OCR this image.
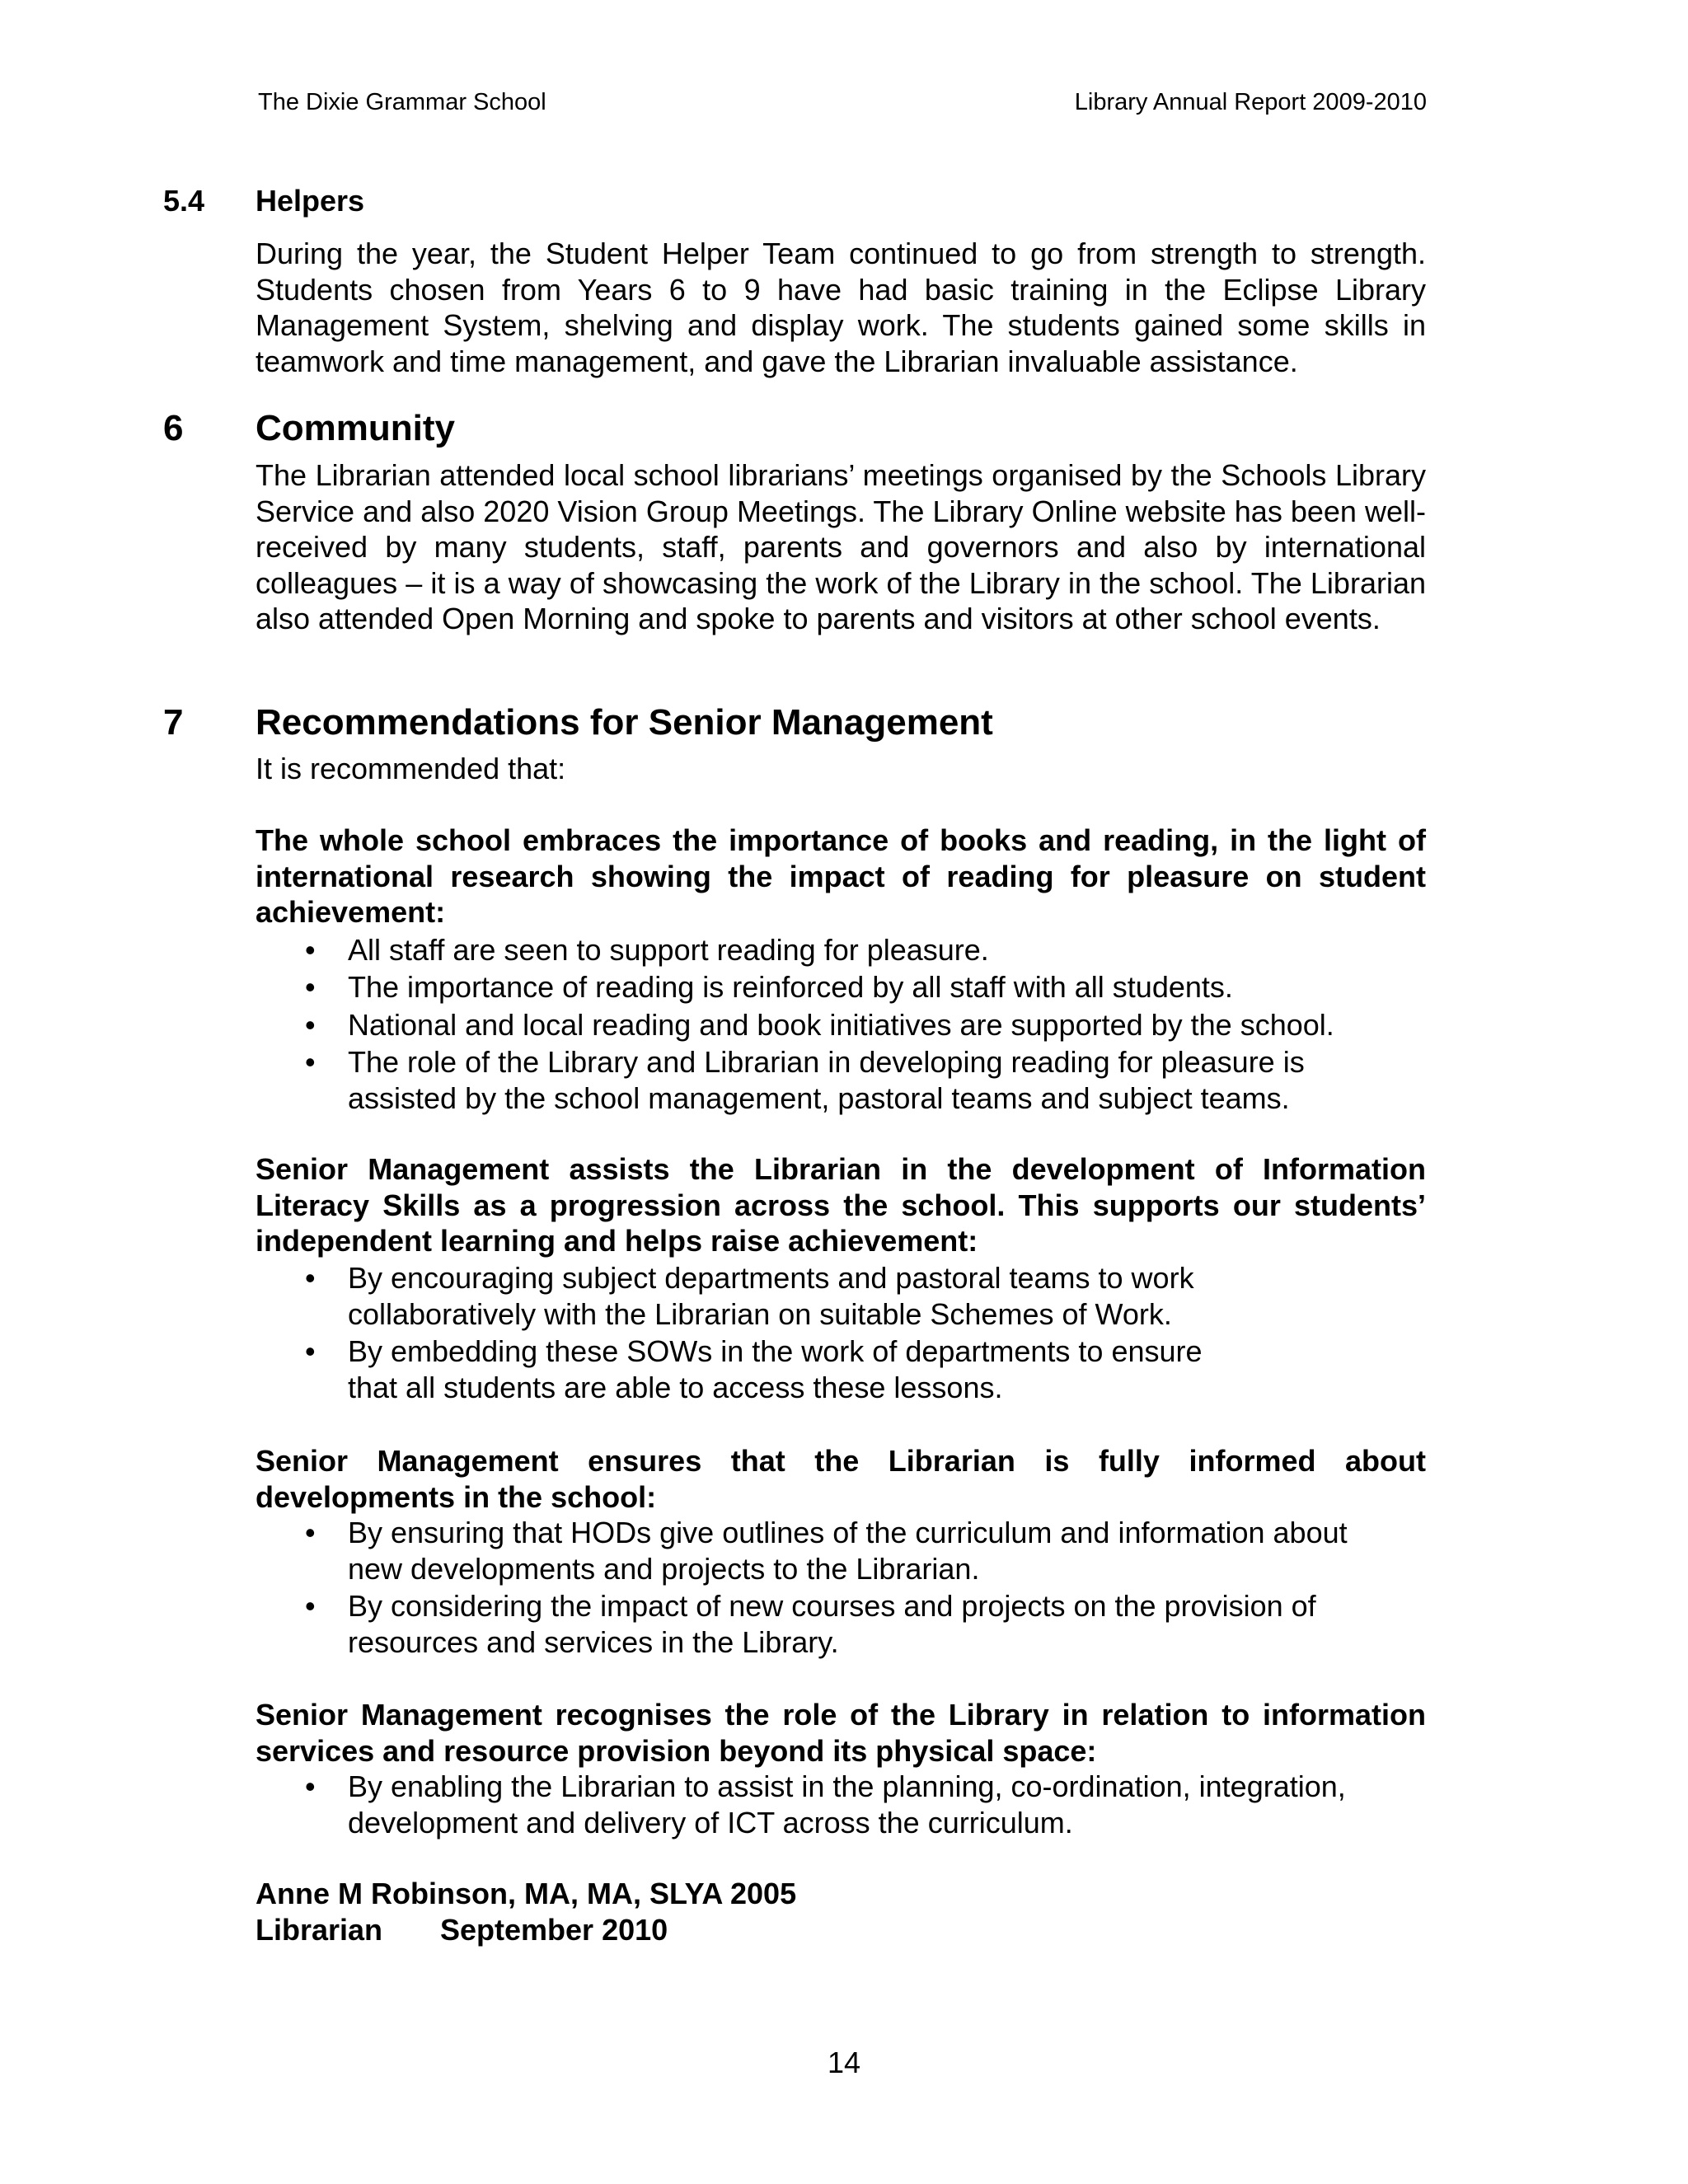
The Dixie Grammar School	Library Annual Report 2009-2010
5.4 Helpers
During the year, the Student Helper Team continued to go from strength to strength. Students chosen from Years 6 to 9 have had basic training in the Eclipse Library Management System, shelving and display work. The students gained some skills in teamwork and time management, and gave the Librarian invaluable assistance.
6 Community
The Librarian attended local school librarians’ meetings organised by the Schools Library Service and also 2020 Vision Group Meetings. The Library Online website has been well-received by many students, staff, parents and governors and also by international colleagues – it is a way of showcasing the work of the Library in the school. The Librarian also attended Open Morning and spoke to parents and visitors at other school events.
7 Recommendations for Senior Management
It is recommended that:
The whole school embraces the importance of books and reading, in the light of international research showing the impact of reading for pleasure on student achievement:
• All staff are seen to support reading for pleasure.
• The importance of reading is reinforced by all staff with all students.
• National and local reading and book initiatives are supported by the school.
• The role of the Library and Librarian in developing reading for pleasure is assisted by the school management, pastoral teams and subject teams.
Senior Management assists the Librarian in the development of Information Literacy Skills as a progression across the school. This supports our students’ independent learning and helps raise achievement:
• By encouraging subject departments and pastoral teams to work collaboratively with the Librarian on suitable Schemes of Work.
• By embedding these SOWs in the work of departments to ensure that all students are able to access these lessons.
Senior Management ensures that the Librarian is fully informed about developments in the school:
• By ensuring that HODs give outlines of the curriculum and information about new developments and projects to the Librarian.
• By considering the impact of new courses and projects on the provision of resources and services in the Library.
Senior Management recognises the role of the Library in relation to information services and resource provision beyond its physical space:
• By enabling the Librarian to assist in the planning, co-ordination, integration, development and delivery of ICT across the curriculum.
Anne M Robinson, MA, MA, SLYA 2005
Librarian September 2010
14
